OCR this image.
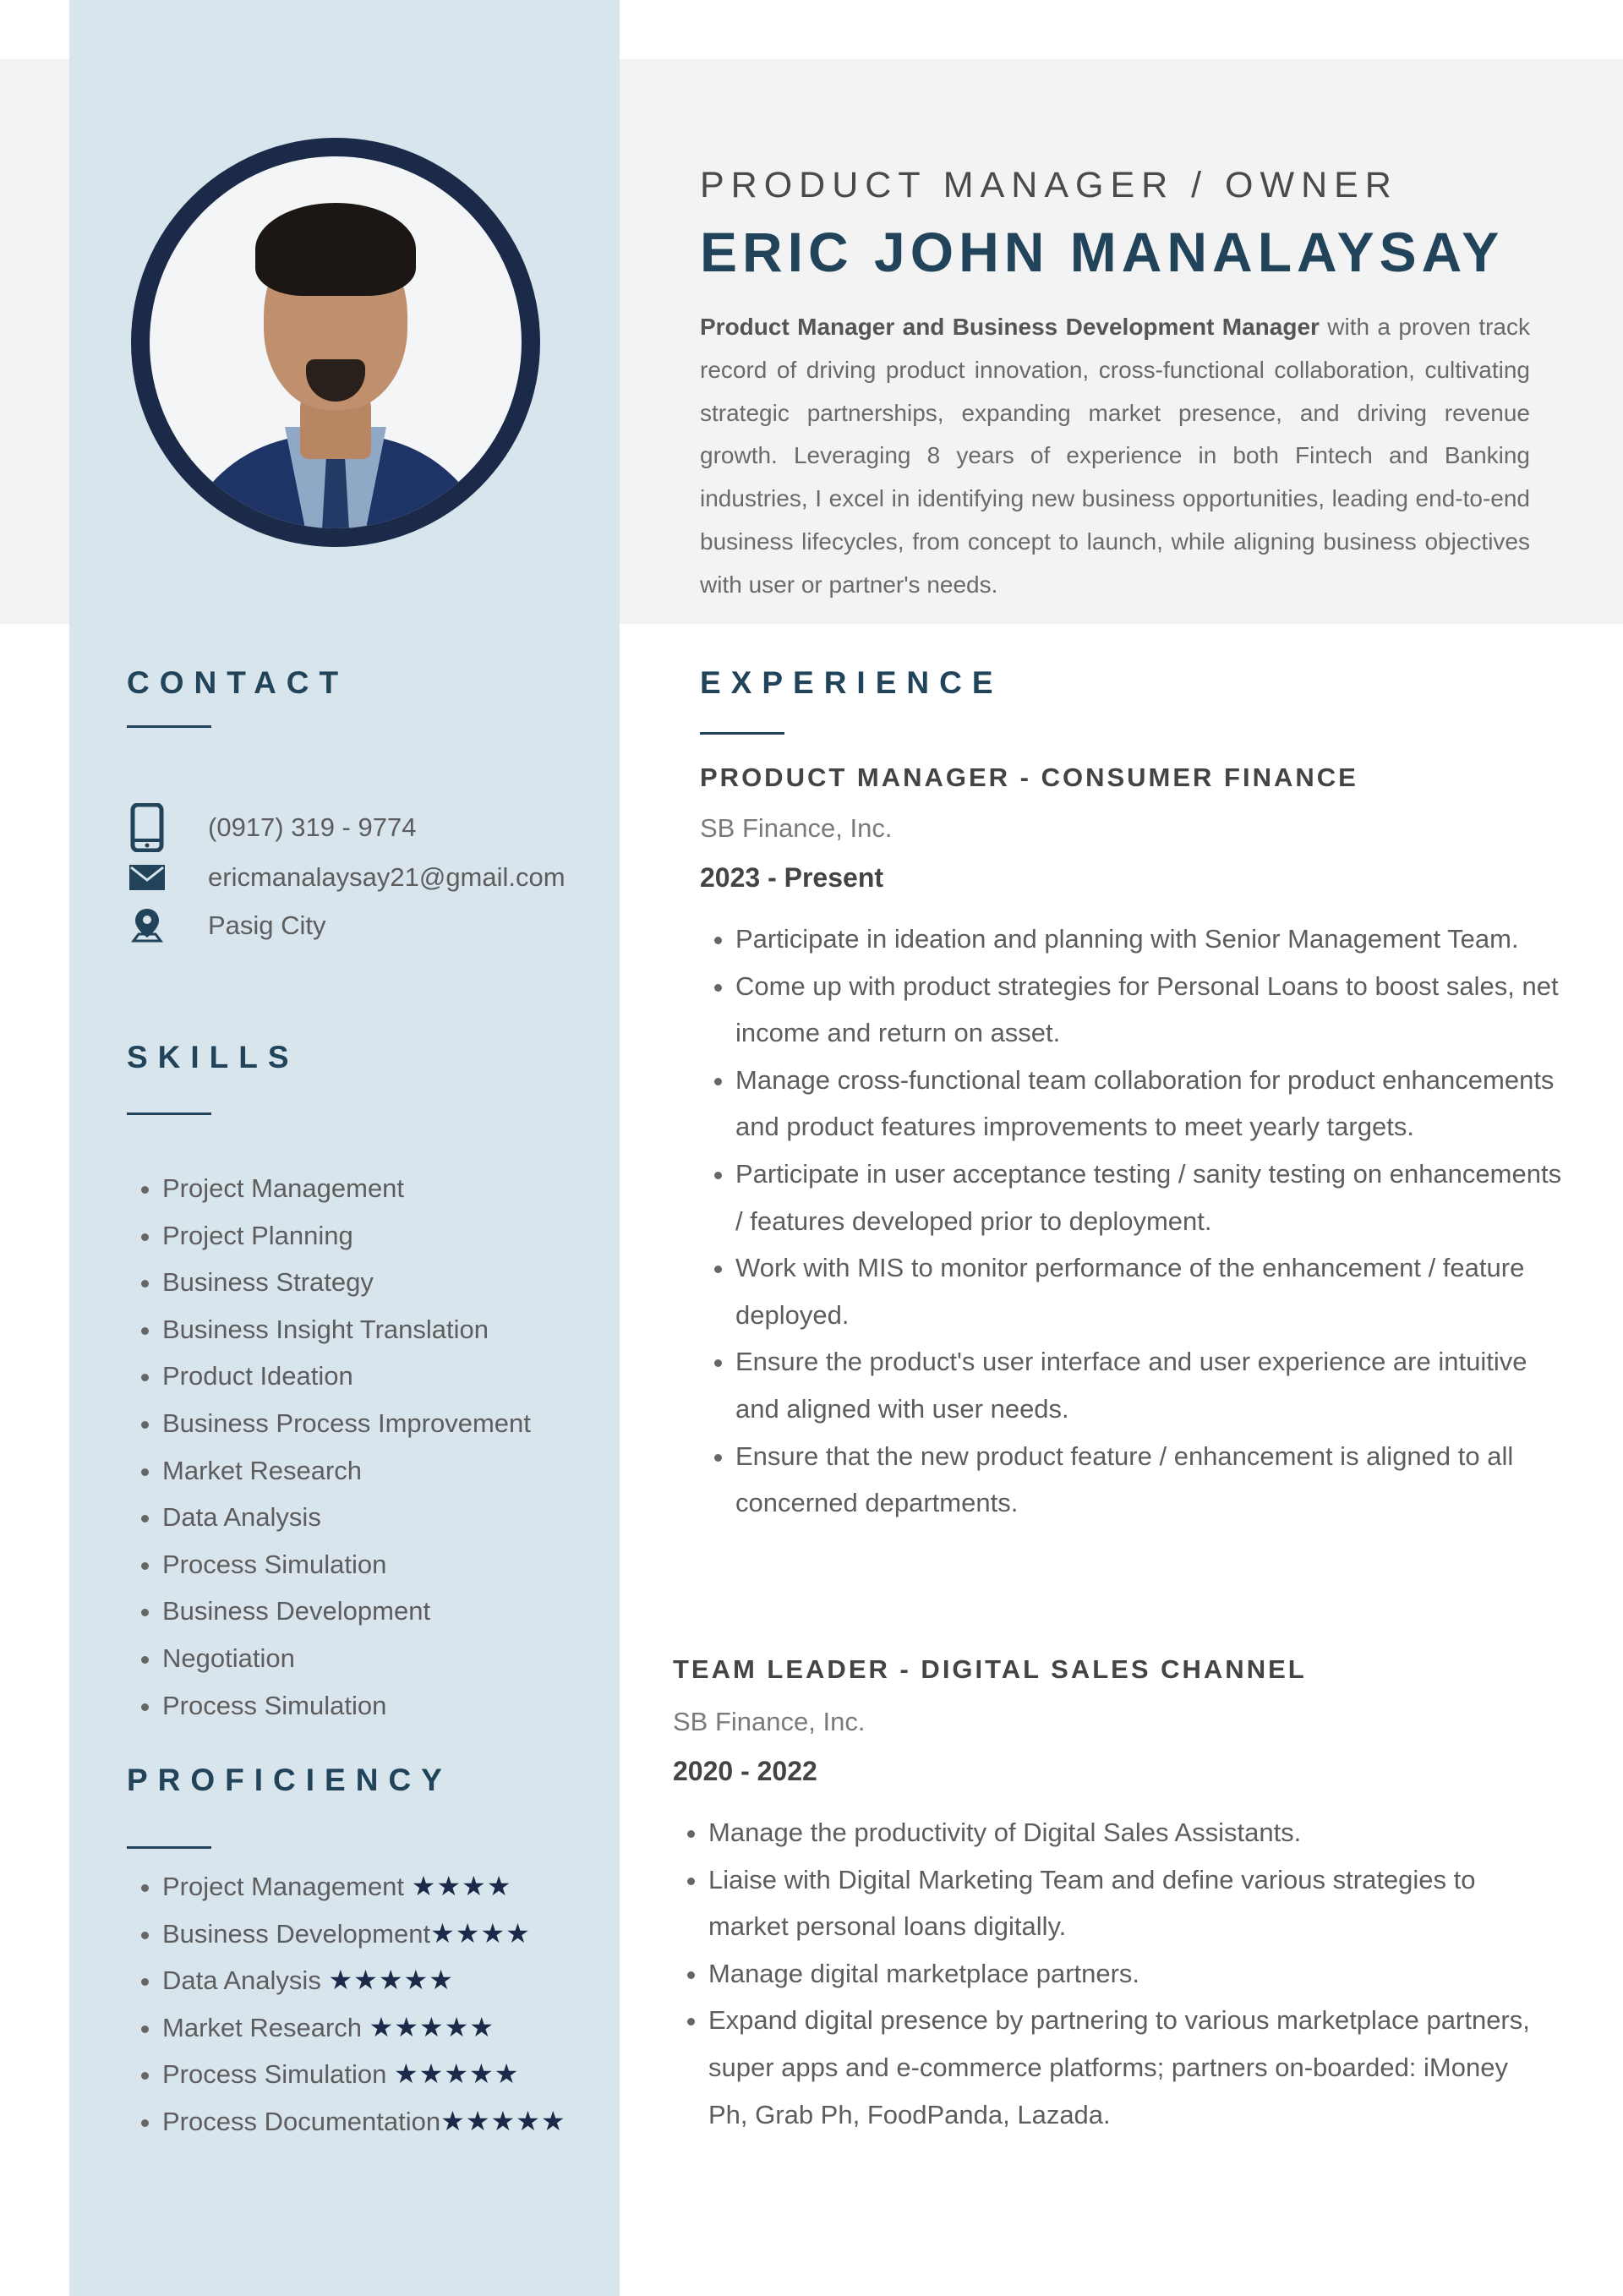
PRODUCT MANAGER / OWNER
ERIC JOHN MANALAYSAY

Product Manager and Business Development Manager with a proven track record of driving product innovation, cross-functional collaboration, cultivating strategic partnerships, expanding market presence, and driving revenue growth. Leveraging 8 years of experience in both Fintech and Banking industries, I excel in identifying new business opportunities, leading end-to-end business lifecycles, from concept to launch, while aligning business objectives with user or partner's needs.

CONTACT
(0917) 319 - 9774
ericmanalaysay21@gmail.com
Pasig City
SKILLS
• Project Management
• Project Planning
• Business Strategy
• Business Insight Translation
• Product Ideation
• Business Process Improvement
• Market Research
• Data Analysis
• Process Simulation
• Business Development
• Negotiation
• Process Simulation
PROFICIENCY
• Project Management ★★★★
• Business Development★★★★
• Data Analysis ★★★★★
• Market Research ★★★★★
• Process Simulation ★★★★★
• Process Documentation★★★★★
EXPERIENCE
PRODUCT MANAGER - CONSUMER FINANCE

SB Finance, Inc.

2023 - Present

• Participate in ideation and planning with Senior Management Team.
• Come up with product strategies for Personal Loans to boost sales, net income and return on asset.
• Manage cross-functional team collaboration for product enhancements and product features improvements to meet yearly targets.
• Participate in user acceptance testing / sanity testing on enhancements / features developed prior to deployment.
• Work with MIS to monitor performance of the enhancement / feature deployed.
• Ensure the product's user interface and user experience are intuitive and aligned with user needs.
• Ensure that the new product feature / enhancement is aligned to all concerned departments.
TEAM LEADER - DIGITAL SALES CHANNEL

SB Finance, Inc.

2020 - 2022

• Manage the productivity of Digital Sales Assistants.
• Liaise with Digital Marketing Team and define various strategies to market personal loans digitally.
• Manage digital marketplace partners.
• Expand digital presence by partnering to various marketplace partners, super apps and e-commerce platforms; partners on-boarded: iMoney Ph, Grab Ph, FoodPanda, Lazada.
